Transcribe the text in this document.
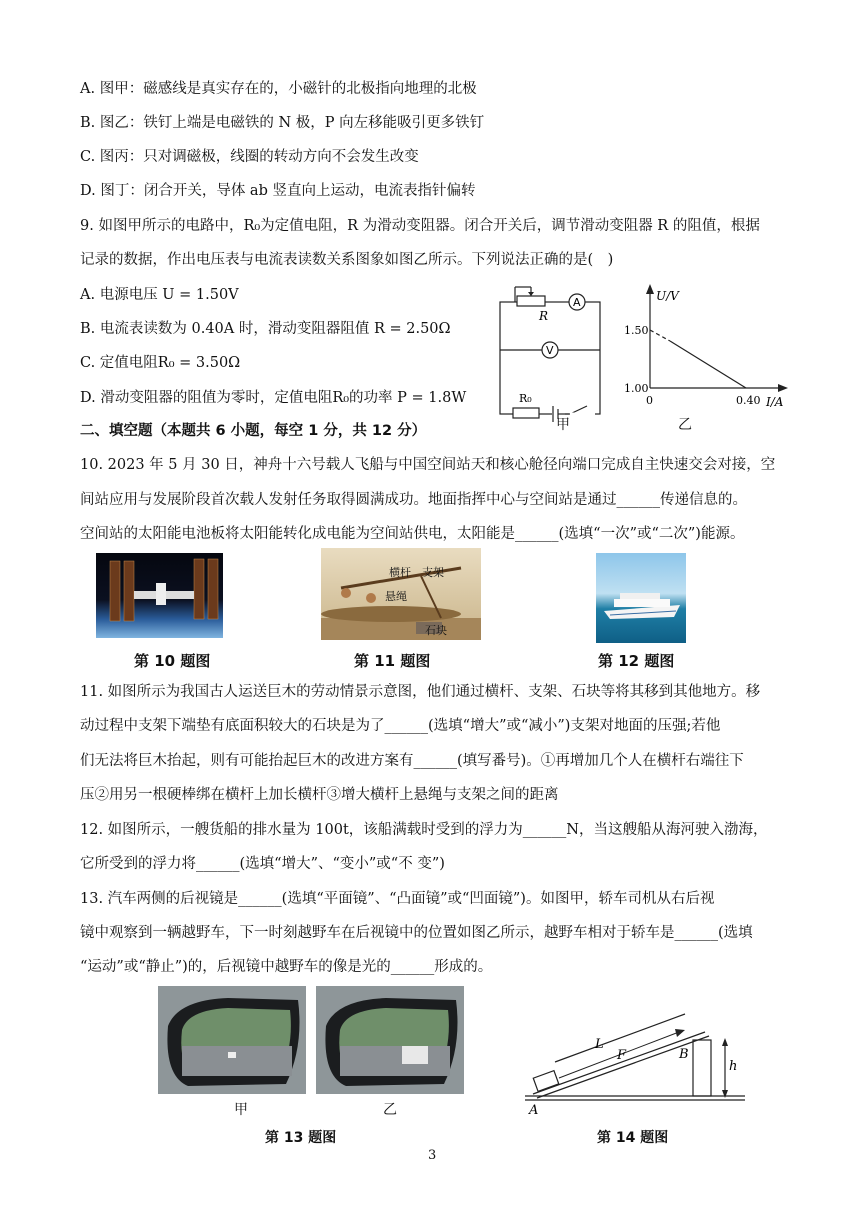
A. 图甲：磁感线是真实存在的，小磁针的北极指向地理的北极
B. 图乙：铁钉上端是电磁铁的 N 极，P 向左移能吸引更多铁钉
C. 图丙：只对调磁极，线圈的转动方向不会发生改变
D. 图丁：闭合开关，导体 ab 竖直向上运动，电流表指针偏转
9. 如图甲所示的电路中，R₀为定值电阻，R 为滑动变阻器。闭合开关后，调节滑动变阻器 R 的阻值，根据
记录的数据，作出电压表与电流表读数关系图象如图乙所示。下列说法正确的是(　)
A. 电源电压 U = 1.50V
B. 电流表读数为 0.40A 时，滑动变阻器阻值 R = 2.50Ω
C. 定值电阻R₀ = 3.50Ω
D. 滑动变阻器的阻值为零时，定值电阻R₀的功率 P = 1.8W
二、填空题（本题共 6 小题，每空 1 分，共 12 分）
10. 2023 年 5 月 30 日，神舟十六号载人飞船与中国空间站天和核心舱径向端口完成自主快速交会对接，空
间站应用与发展阶段首次载人发射任务取得圆满成功。地面指挥中心与空间站是通过______传递信息的。
空间站的太阳能电池板将太阳能转化成电能为空间站供电，太阳能是______(选填“一次”或“二次”)能源。
R
A
V
R₀
甲
U/V
1.50
1.00
0	0.40 I/A
乙
横杆 支架
悬绳
石块
第 10 题图	第 11 题图	第 12 题图
11. 如图所示为我国古人运送巨木的劳动情景示意图，他们通过横杆、支架、石块等将其移到其他地方。移
动过程中支架下端垫有底面积较大的石块是为了______(选填“增大”或“减小”)支架对地面的压强;若他
们无法将巨木抬起，则有可能抬起巨木的改进方案有______(填写番号)。①再增加几个人在横杆右端往下
压②用另一根硬棒绑在横杆上加长横杆③增大横杆上悬绳与支架之间的距离
12. 如图所示，一艘货船的排水量为 100t，该船满载时受到的浮力为______N，当这艘船从海河驶入渤海，
它所受到的浮力将______(选填“增大”、“变小”或“不 变”)
13. 汽车两侧的后视镜是______(选填“平面镜”、“凸面镜”或“凹面镜”)。如图甲，轿车司机从右后视
镜中观察到一辆越野车，下一时刻越野车在后视镜中的位置如图乙所示，越野车相对于轿车是______(选填
“运动”或“静止”)的，后视镜中越野车的像是光的______形成的。
甲	乙
第 13 题图
L
F	B
h
A
第 14 题图
3
